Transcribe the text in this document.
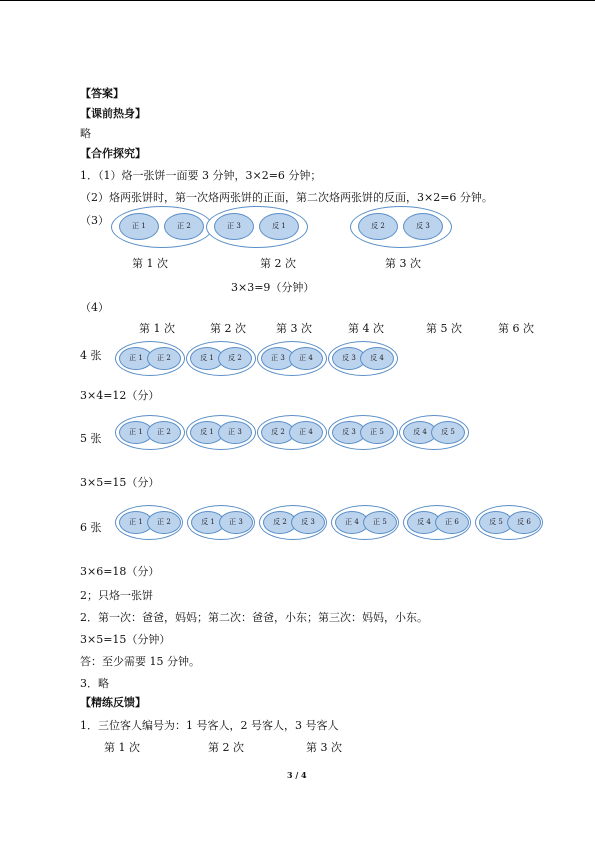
【答案】
【课前热身】
略
【合作探究】
1．（1）烙一张饼一面要 3 分钟，3×2=6 分钟；
（2）烙两张饼时，第一次烙两张饼的正面，第二次烙两张饼的反面，3×2=6 分钟。
（3）	正 1	正 2	正 3	反 1	反 2	反 3
第 1 次	第 2 次	第 3 次
3×3=9（分钟）
（4）
第 1 次	第 2 次	第 3 次	第 4 次	第 5 次	第 6 次
4 张	正 1	正 2	反 1	反 2	正 3	正 4	反 3	反 4
3×4=12（分）
5 张	正 1	正 2	反 1	正 3	反 2	正 4	反 3	正 5	反 4	反 5
3×5=15（分）
6 张	正 1	正 2	反 1	正 3	反 2	反 3	正 4	正 5	反 4	正 6	反 5	反 6
3×6=18（分）
2；只烙一张饼
2．第一次：爸爸，妈妈；第二次：爸爸，小东；第三次：妈妈，小东。
3×5=15（分钟）
答：至少需要 15 分钟。
3．略
【精练反馈】
1．三位客人编号为：1 号客人，2 号客人，3 号客人
第 1 次	第 2 次	第 3 次
3 / 4
